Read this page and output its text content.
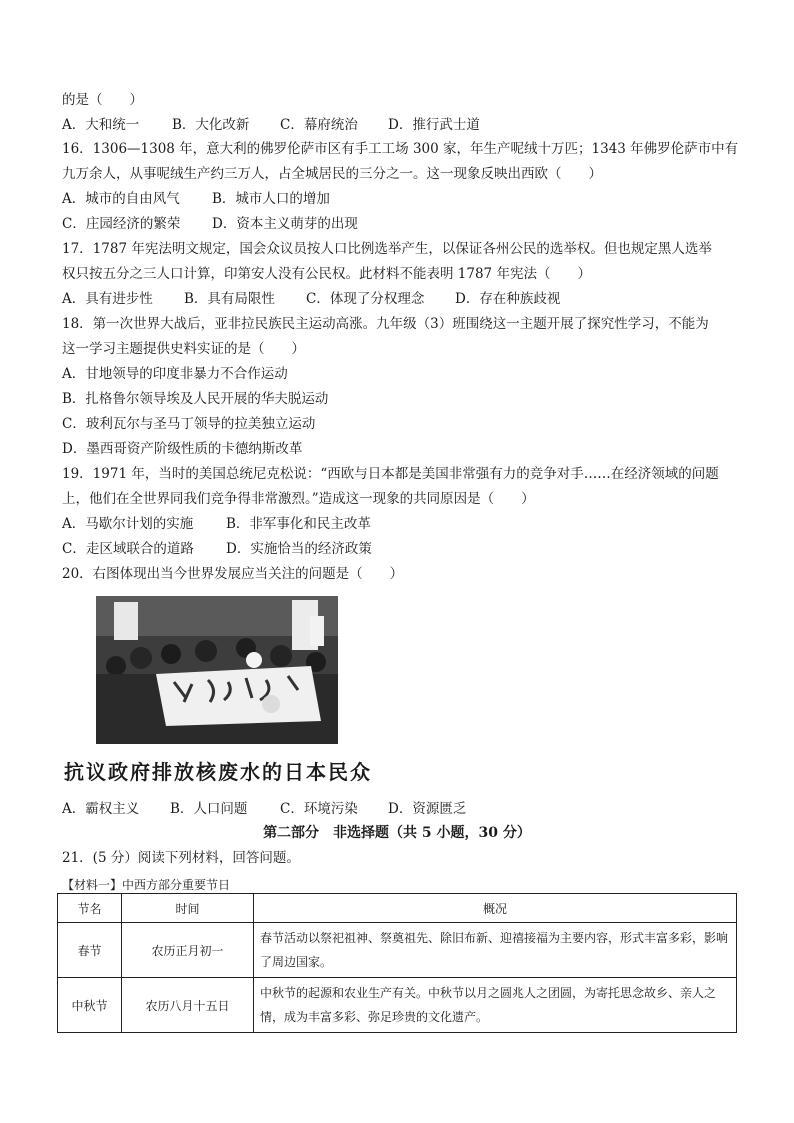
的是（　　）
A．大和统一 B．大化改新 C．幕府统治 D．推行武士道
16．1306—1308 年，意大利的佛罗伦萨市区有手工工场 300 家，年生产呢绒十万匹；1343 年佛罗伦萨市中有
九万余人，从事呢绒生产约三万人，占全城居民的三分之一。这一现象反映出西欧（　　）
A．城市的自由风气 B．城市人口的增加
C．庄园经济的繁荣 D．资本主义萌芽的出现
17．1787 年宪法明文规定，国会众议员按人口比例选举产生，以保证各州公民的选举权。但也规定黑人选举
权只按五分之三人口计算，印第安人没有公民权。此材料不能表明 1787 年宪法（　　）
A．具有进步性 B．具有局限性 C．体现了分权理念 D．存在种族歧视
18．第一次世界大战后，亚非拉民族民主运动高涨。九年级（3）班围绕这一主题开展了探究性学习，不能为
这一学习主题提供史料实证的是（　　）
A．甘地领导的印度非暴力不合作运动
B．扎格鲁尔领导埃及人民开展的华夫脱运动
C．玻利瓦尔与圣马丁领导的拉美独立运动
D．墨西哥资产阶级性质的卡德纳斯改革
19．1971 年，当时的美国总统尼克松说：“西欧与日本都是美国非常强有力的竞争对手……在经济领域的问题
上，他们在全世界同我们竞争得非常激烈。”造成这一现象的共同原因是（　　）
A．马歇尔计划的实施 B．非军事化和民主改革
C．走区域联合的道路 D．实施恰当的经济政策
20．右图体现出当今世界发展应当关注的问题是（　　）
抗议政府排放核废水的日本民众
A．霸权主义 B．人口问题 C．环境污染 D．资源匮乏
第二部分　非选择题（共 5 小题，30 分）
21．(5 分）阅读下列材料，回答问题。
【材料一】中西方部分重要节日
节名	时间	概况
春节	农历正月初一	春节活动以祭祀祖神、祭奠祖先、除旧布新、迎禧接福为主要内容，形式丰富多彩，影响了周边国家。
中秋节	农历八月十五日	中秋节的起源和农业生产有关。中秋节以月之圆兆人之团圆，为寄托思念故乡、亲人之情，成为丰富多彩、弥足珍贵的文化遗产。
